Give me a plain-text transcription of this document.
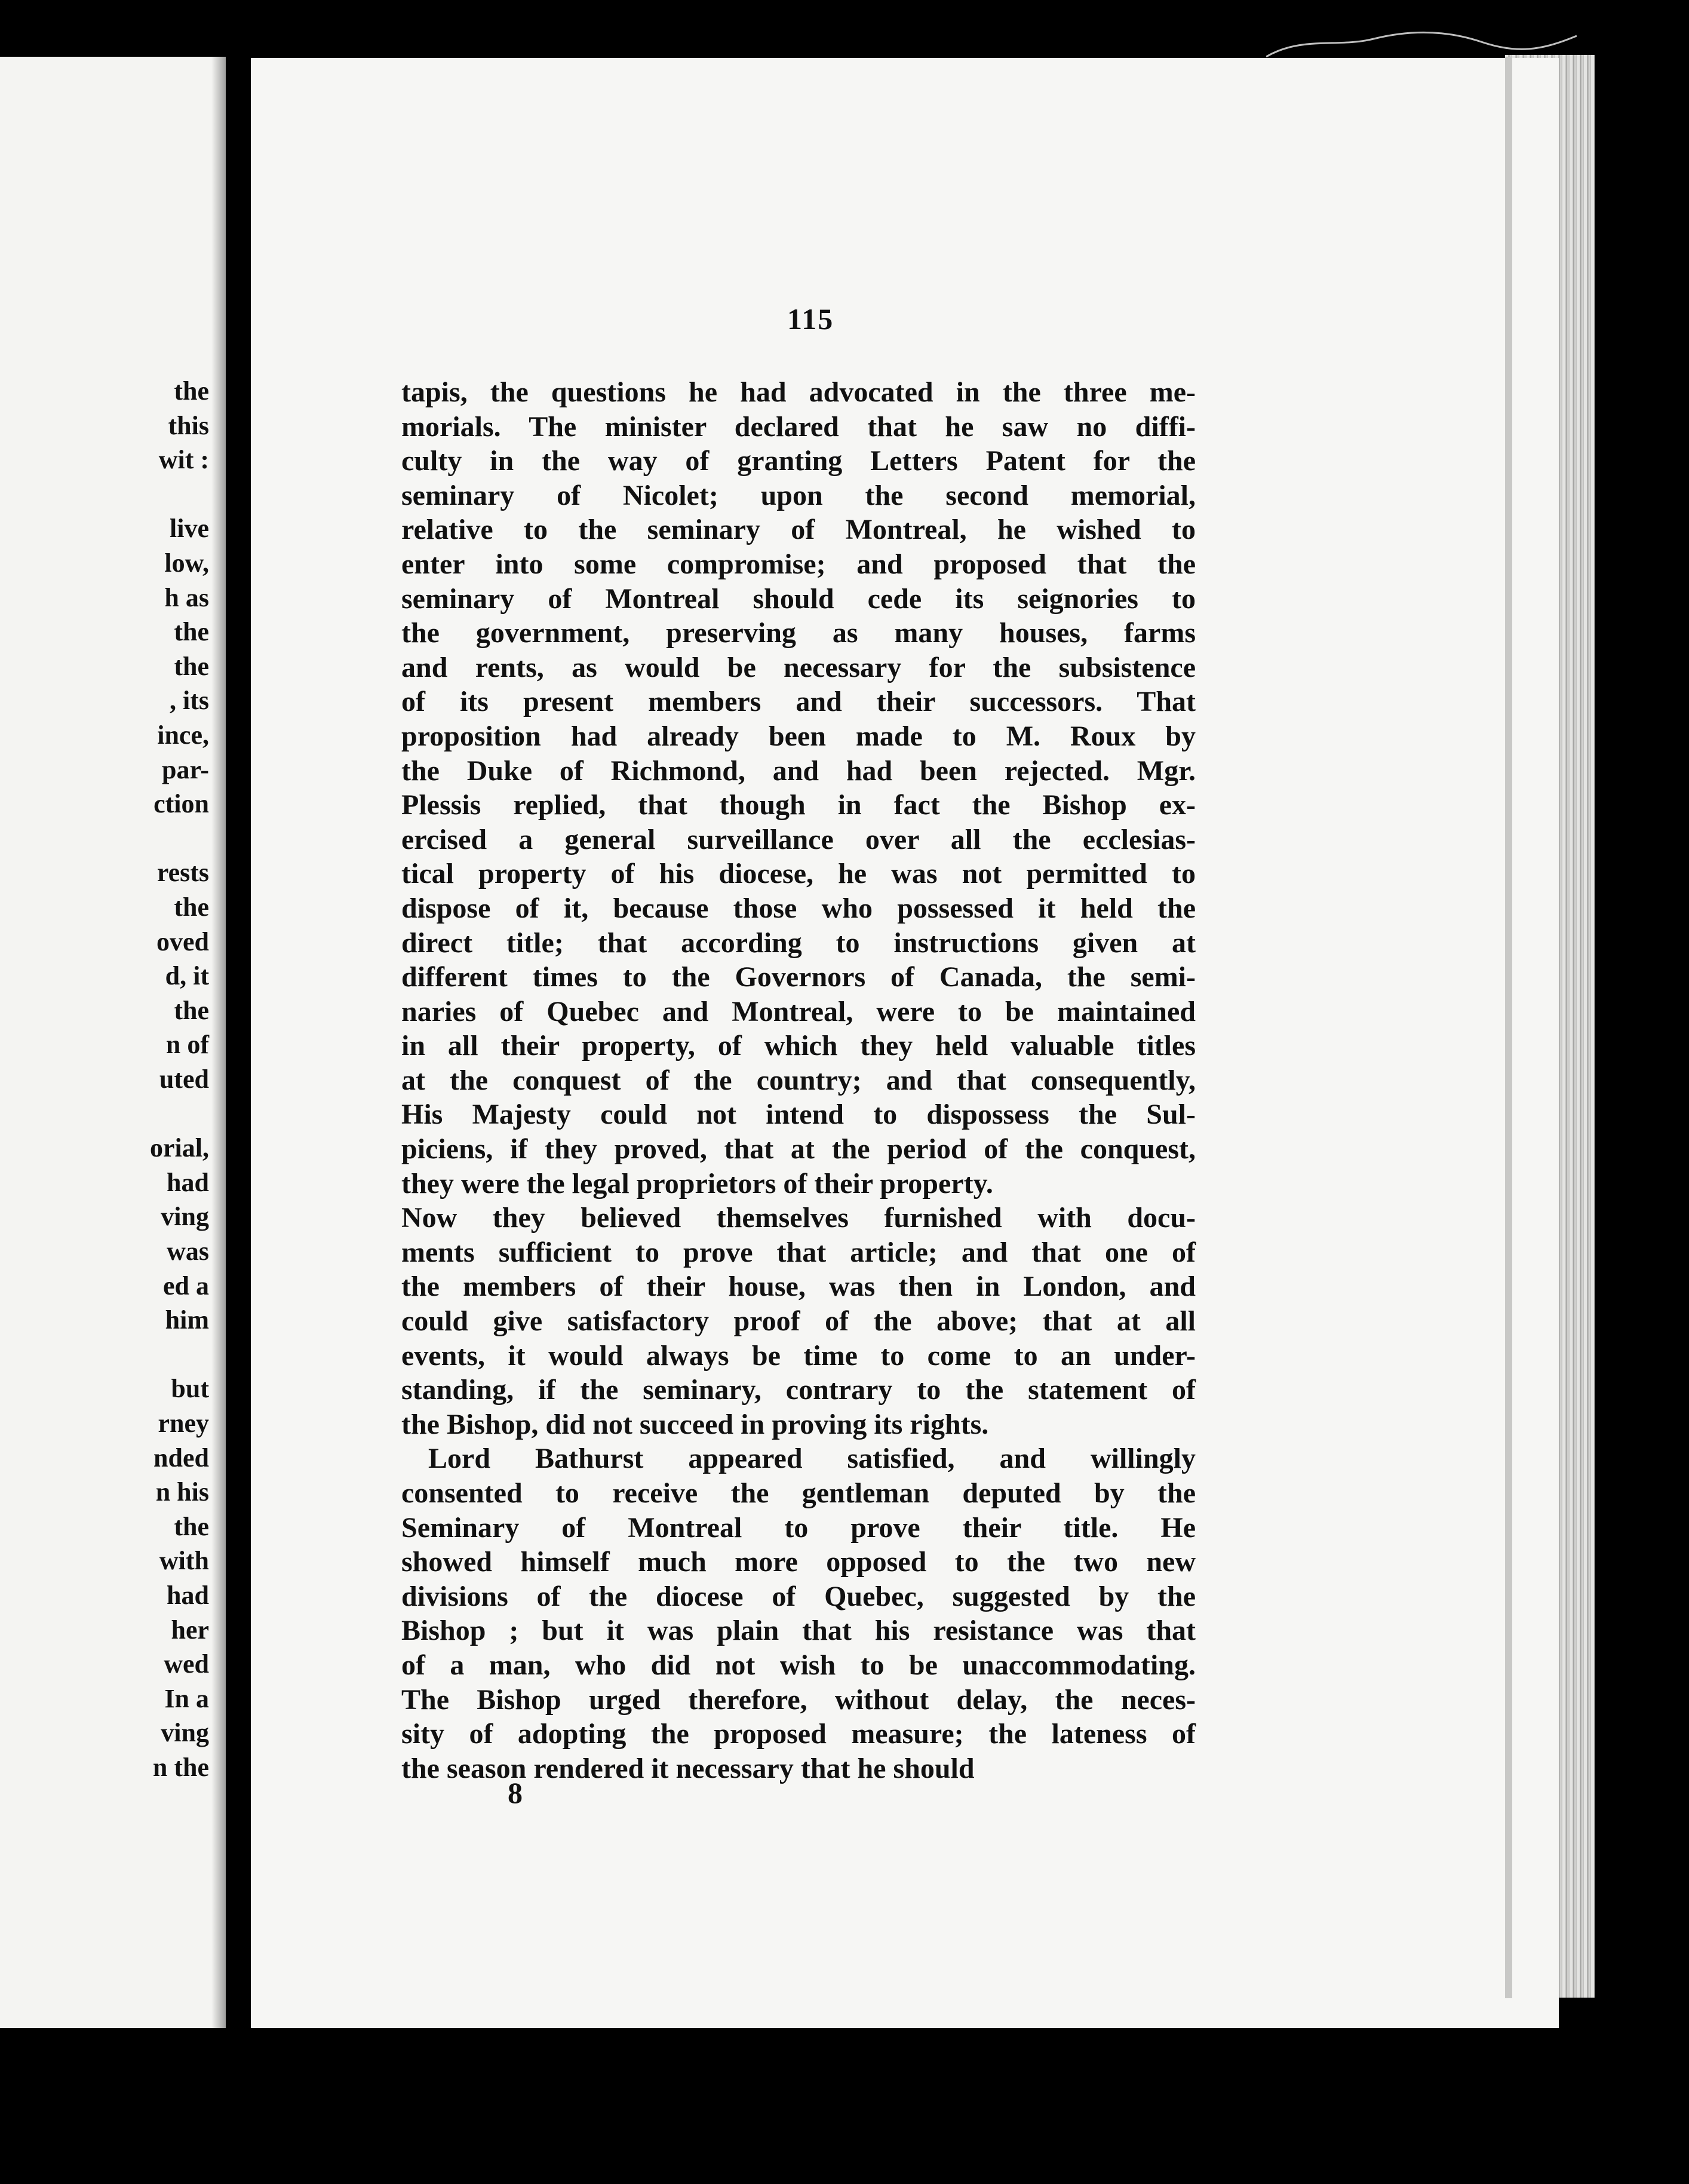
the
this
wit :
live
low,
h as
the
the
, its
ince,
par-
ction
rests
the
oved
d, it
the
n of
uted
orial,
had
ving
was
ed a
him
but
rney
nded
n his
the
with
had
her
wed
In a
ving
n the

115

tapis, the questions he had advocated in the three me-
morials. The minister declared that he saw no diffi-
culty in the way of granting Letters Patent for the
seminary of Nicolet; upon the second memorial,
relative to the seminary of Montreal, he wished to
enter into some compromise; and proposed that the
seminary of Montreal should cede its seignories to
the government, preserving as many houses, farms
and rents, as would be necessary for the subsistence
of its present members and their successors. That
proposition had already been made to M. Roux by
the Duke of Richmond, and had been rejected. Mgr.
Plessis replied, that though in fact the Bishop ex-
ercised a general surveillance over all the ecclesias-
tical property of his diocese, he was not permitted to
dispose of it, because those who possessed it held the
direct title; that according to instructions given at
different times to the Governors of Canada, the semi-
naries of Quebec and Montreal, were to be maintained
in all their property, of which they held valuable titles
at the conquest of the country; and that consequently,
His Majesty could not intend to dispossess the Sul-
piciens, if they proved, that at the period of the conquest,
they were the legal proprietors of their property.
Now they believed themselves furnished with docu-
ments sufficient to prove that article; and that one of
the members of their house, was then in London, and
could give satisfactory proof of the above; that at all
events, it would always be time to come to an under-
standing, if the seminary, contrary to the statement of
the Bishop, did not succeed in proving its rights.
Lord Bathurst appeared satisfied, and willingly
consented to receive the gentleman deputed by the
Seminary of Montreal to prove their title. He
showed himself much more opposed to the two new
divisions of the diocese of Quebec, suggested by the
Bishop ; but it was plain that his resistance was that
of a man, who did not wish to be unaccommodating.
The Bishop urged therefore, without delay, the neces-
sity of adopting the proposed measure; the lateness of
the season rendered it necessary that he should

8
